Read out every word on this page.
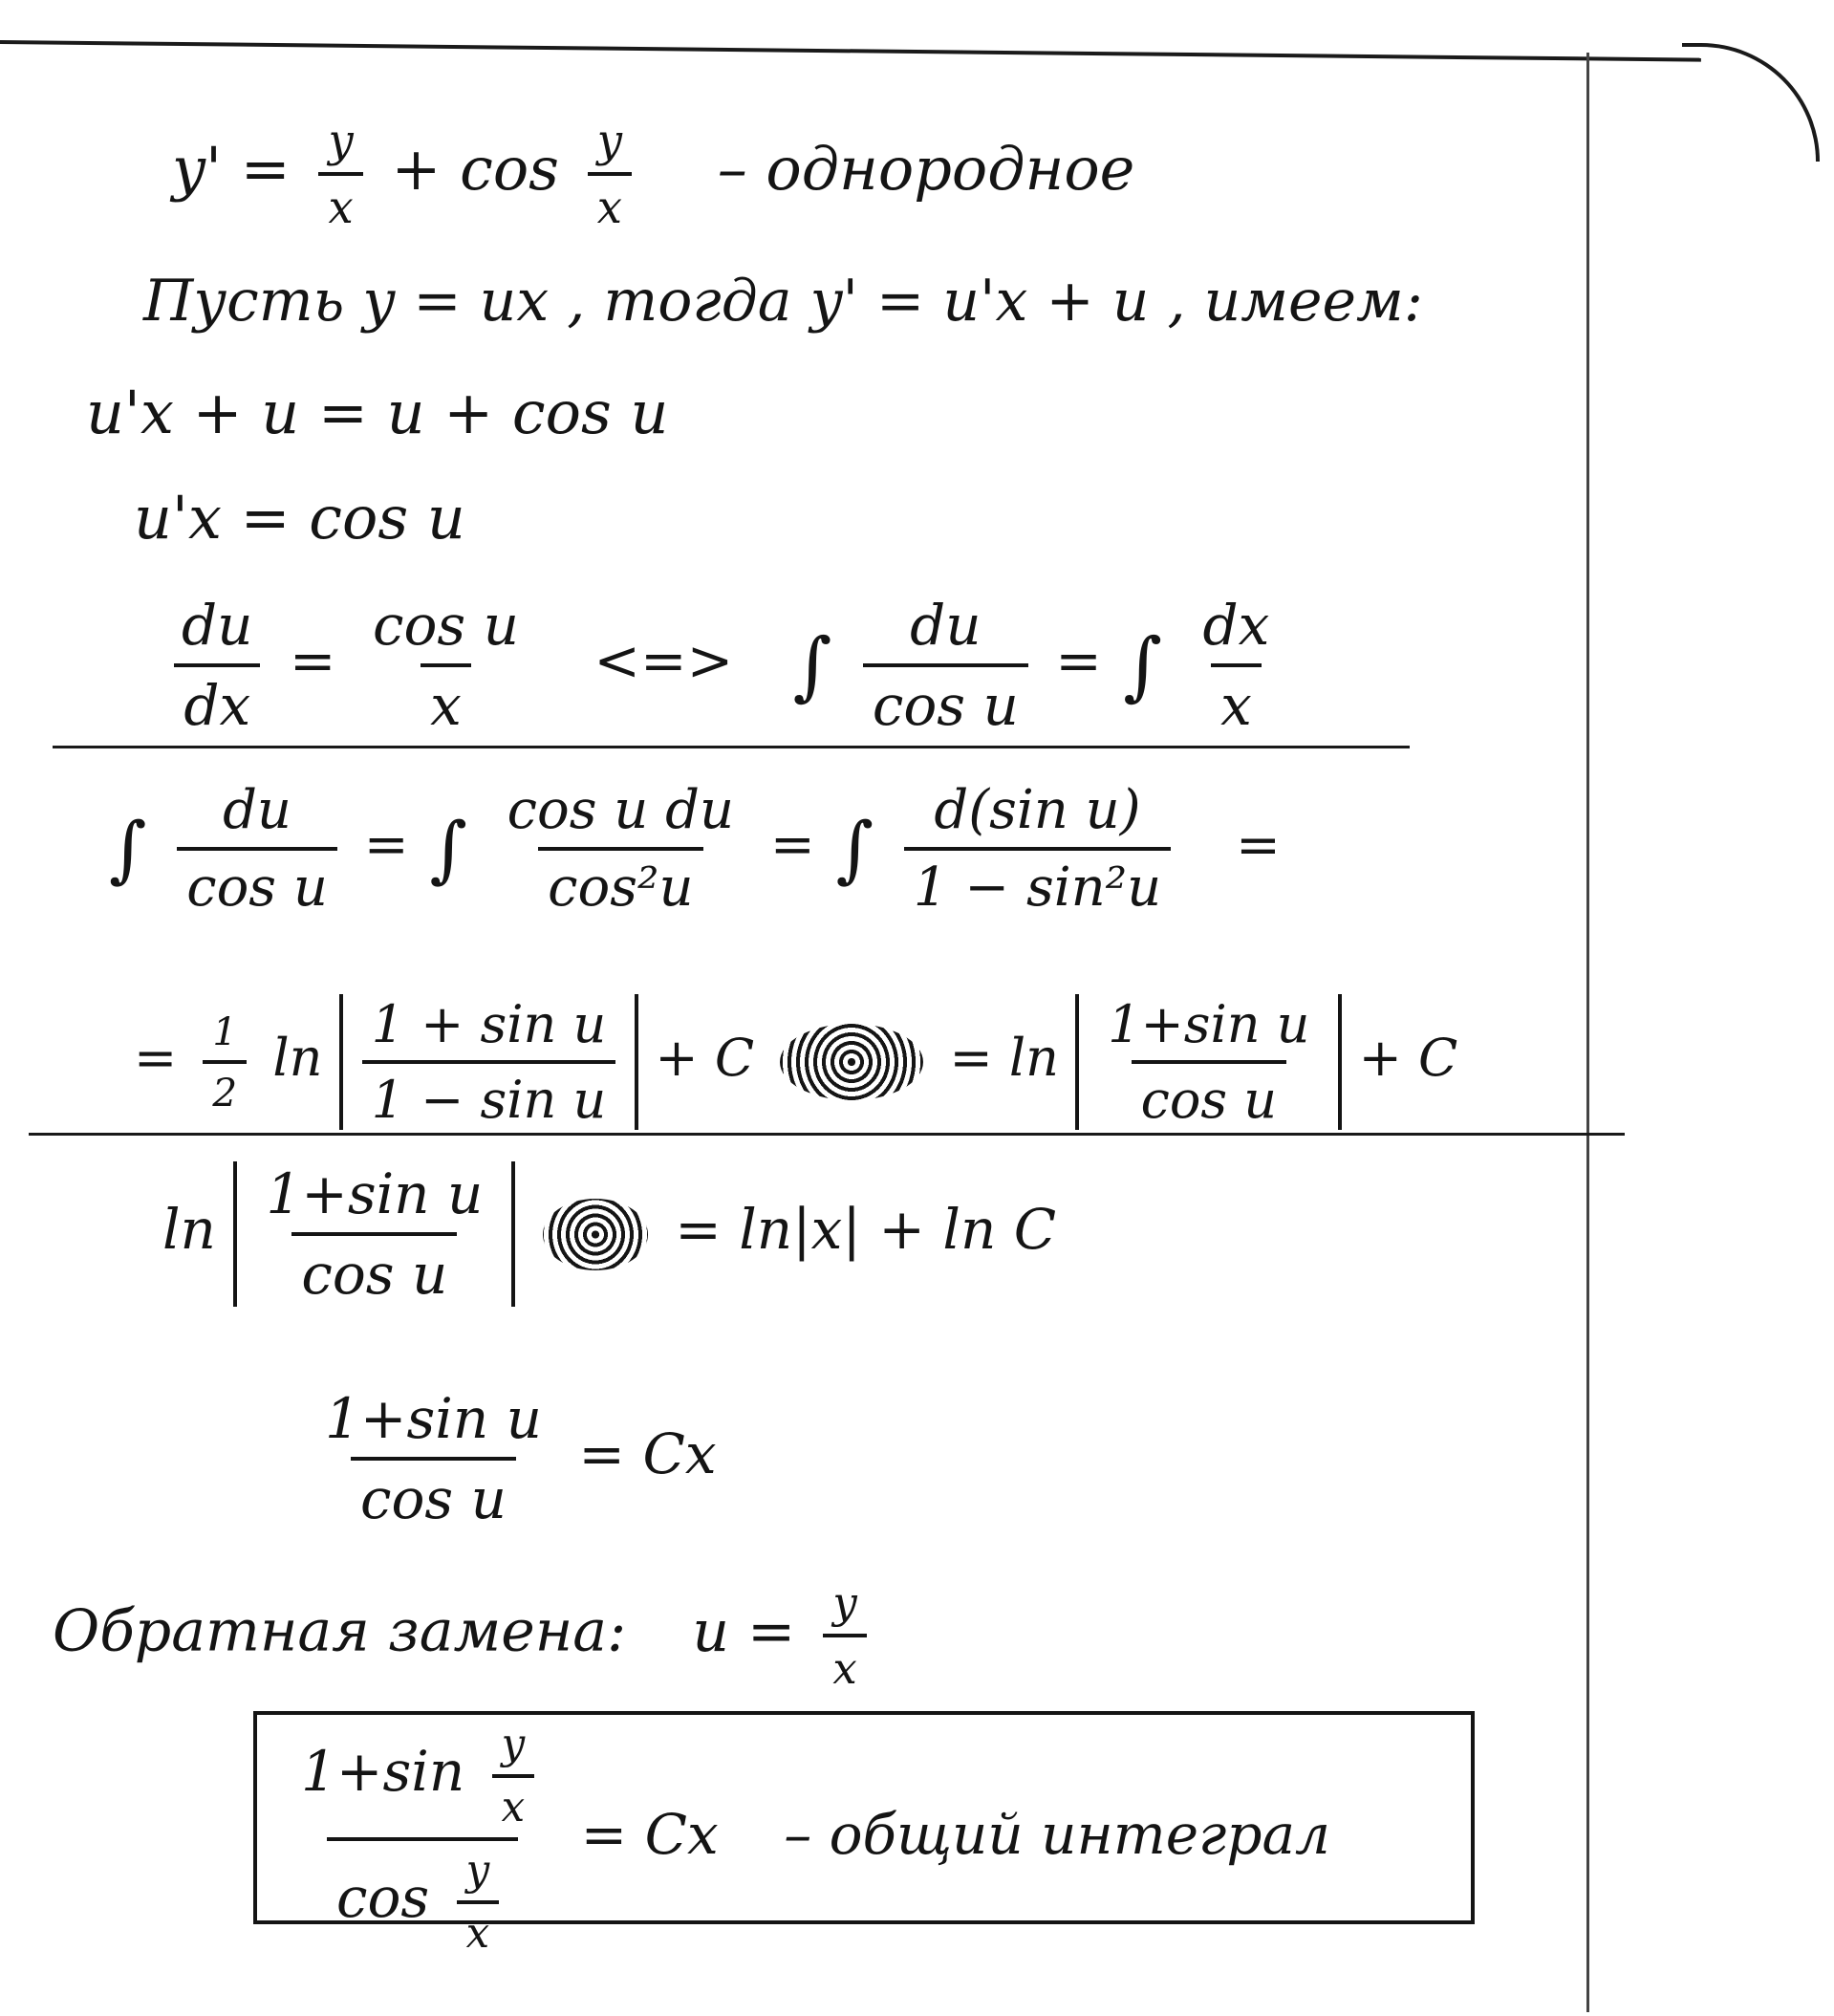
$y' = \frac{y}{x} + \cos \frac{y}{x}$ – однородное
Пусть y = ux , тогда y' = u'x + u , имеем:
u'x + u = u + cos u
u'x = cos u
$\frac{du}{dx} = \frac{\text{cos u}}{x}$ <=> ∫ $\frac{du}{\text{cos u}}$ = ∫ $\frac{dx}{x}$
∫ $\frac{du}{\text{cos u}}$ = ∫ $\frac{\text{cos u du}}{\text{cos²u}}$ = ∫ $\frac{\text{d(sin u)}}{\text{1 − sin²u}}$ =
= $\frac{1}{2}$ $\ln \frac{\text{1 + sin u}}{\text{1 − sin u}} + C$	= $\ln \frac{\text{1+sin u}}{\text{cos u}} + C$
$\ln \frac{\text{1+sin u}}{\text{cos u}}$	= ln|x| + ln C
$\frac{\text{1+sin u}}{\text{cos u}} = Cx$
Обратная замена: $u = \frac{y}{x}$
$\frac{1+\sin \frac{y}{x}}{\cos \frac{y}{x}} = Cx$ – общий интеграл
